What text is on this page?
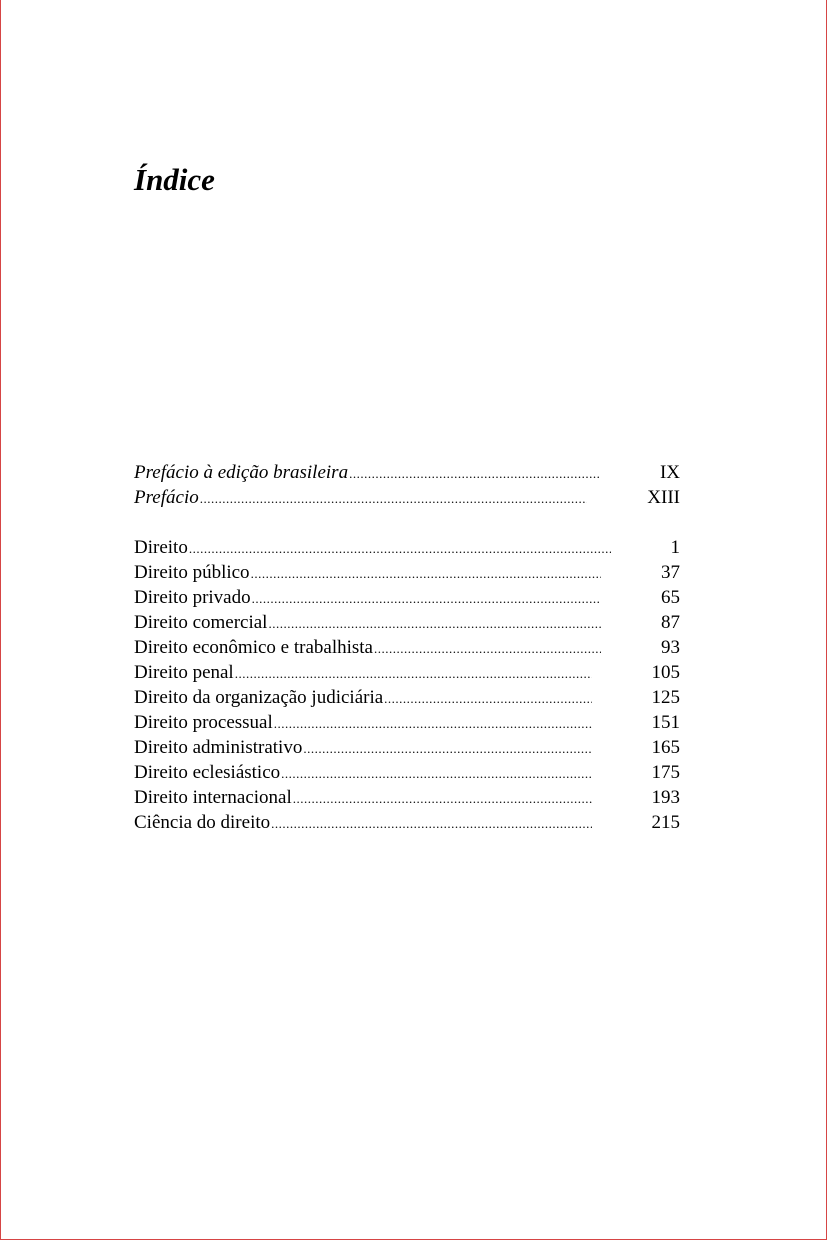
Índice
Prefácio à edição brasileira .....	IX
Prefácio .....	XIII
Direito .....	1
Direito público .....	37
Direito privado .....	65
Direito comercial .....	87
Direito econômico e trabalhista .....	93
Direito penal .....	105
Direito da organização judiciária .....	125
Direito processual .....	151
Direito administrativo .....	165
Direito eclesiástico .....	175
Direito internacional .....	193
Ciência do direito .....	215
